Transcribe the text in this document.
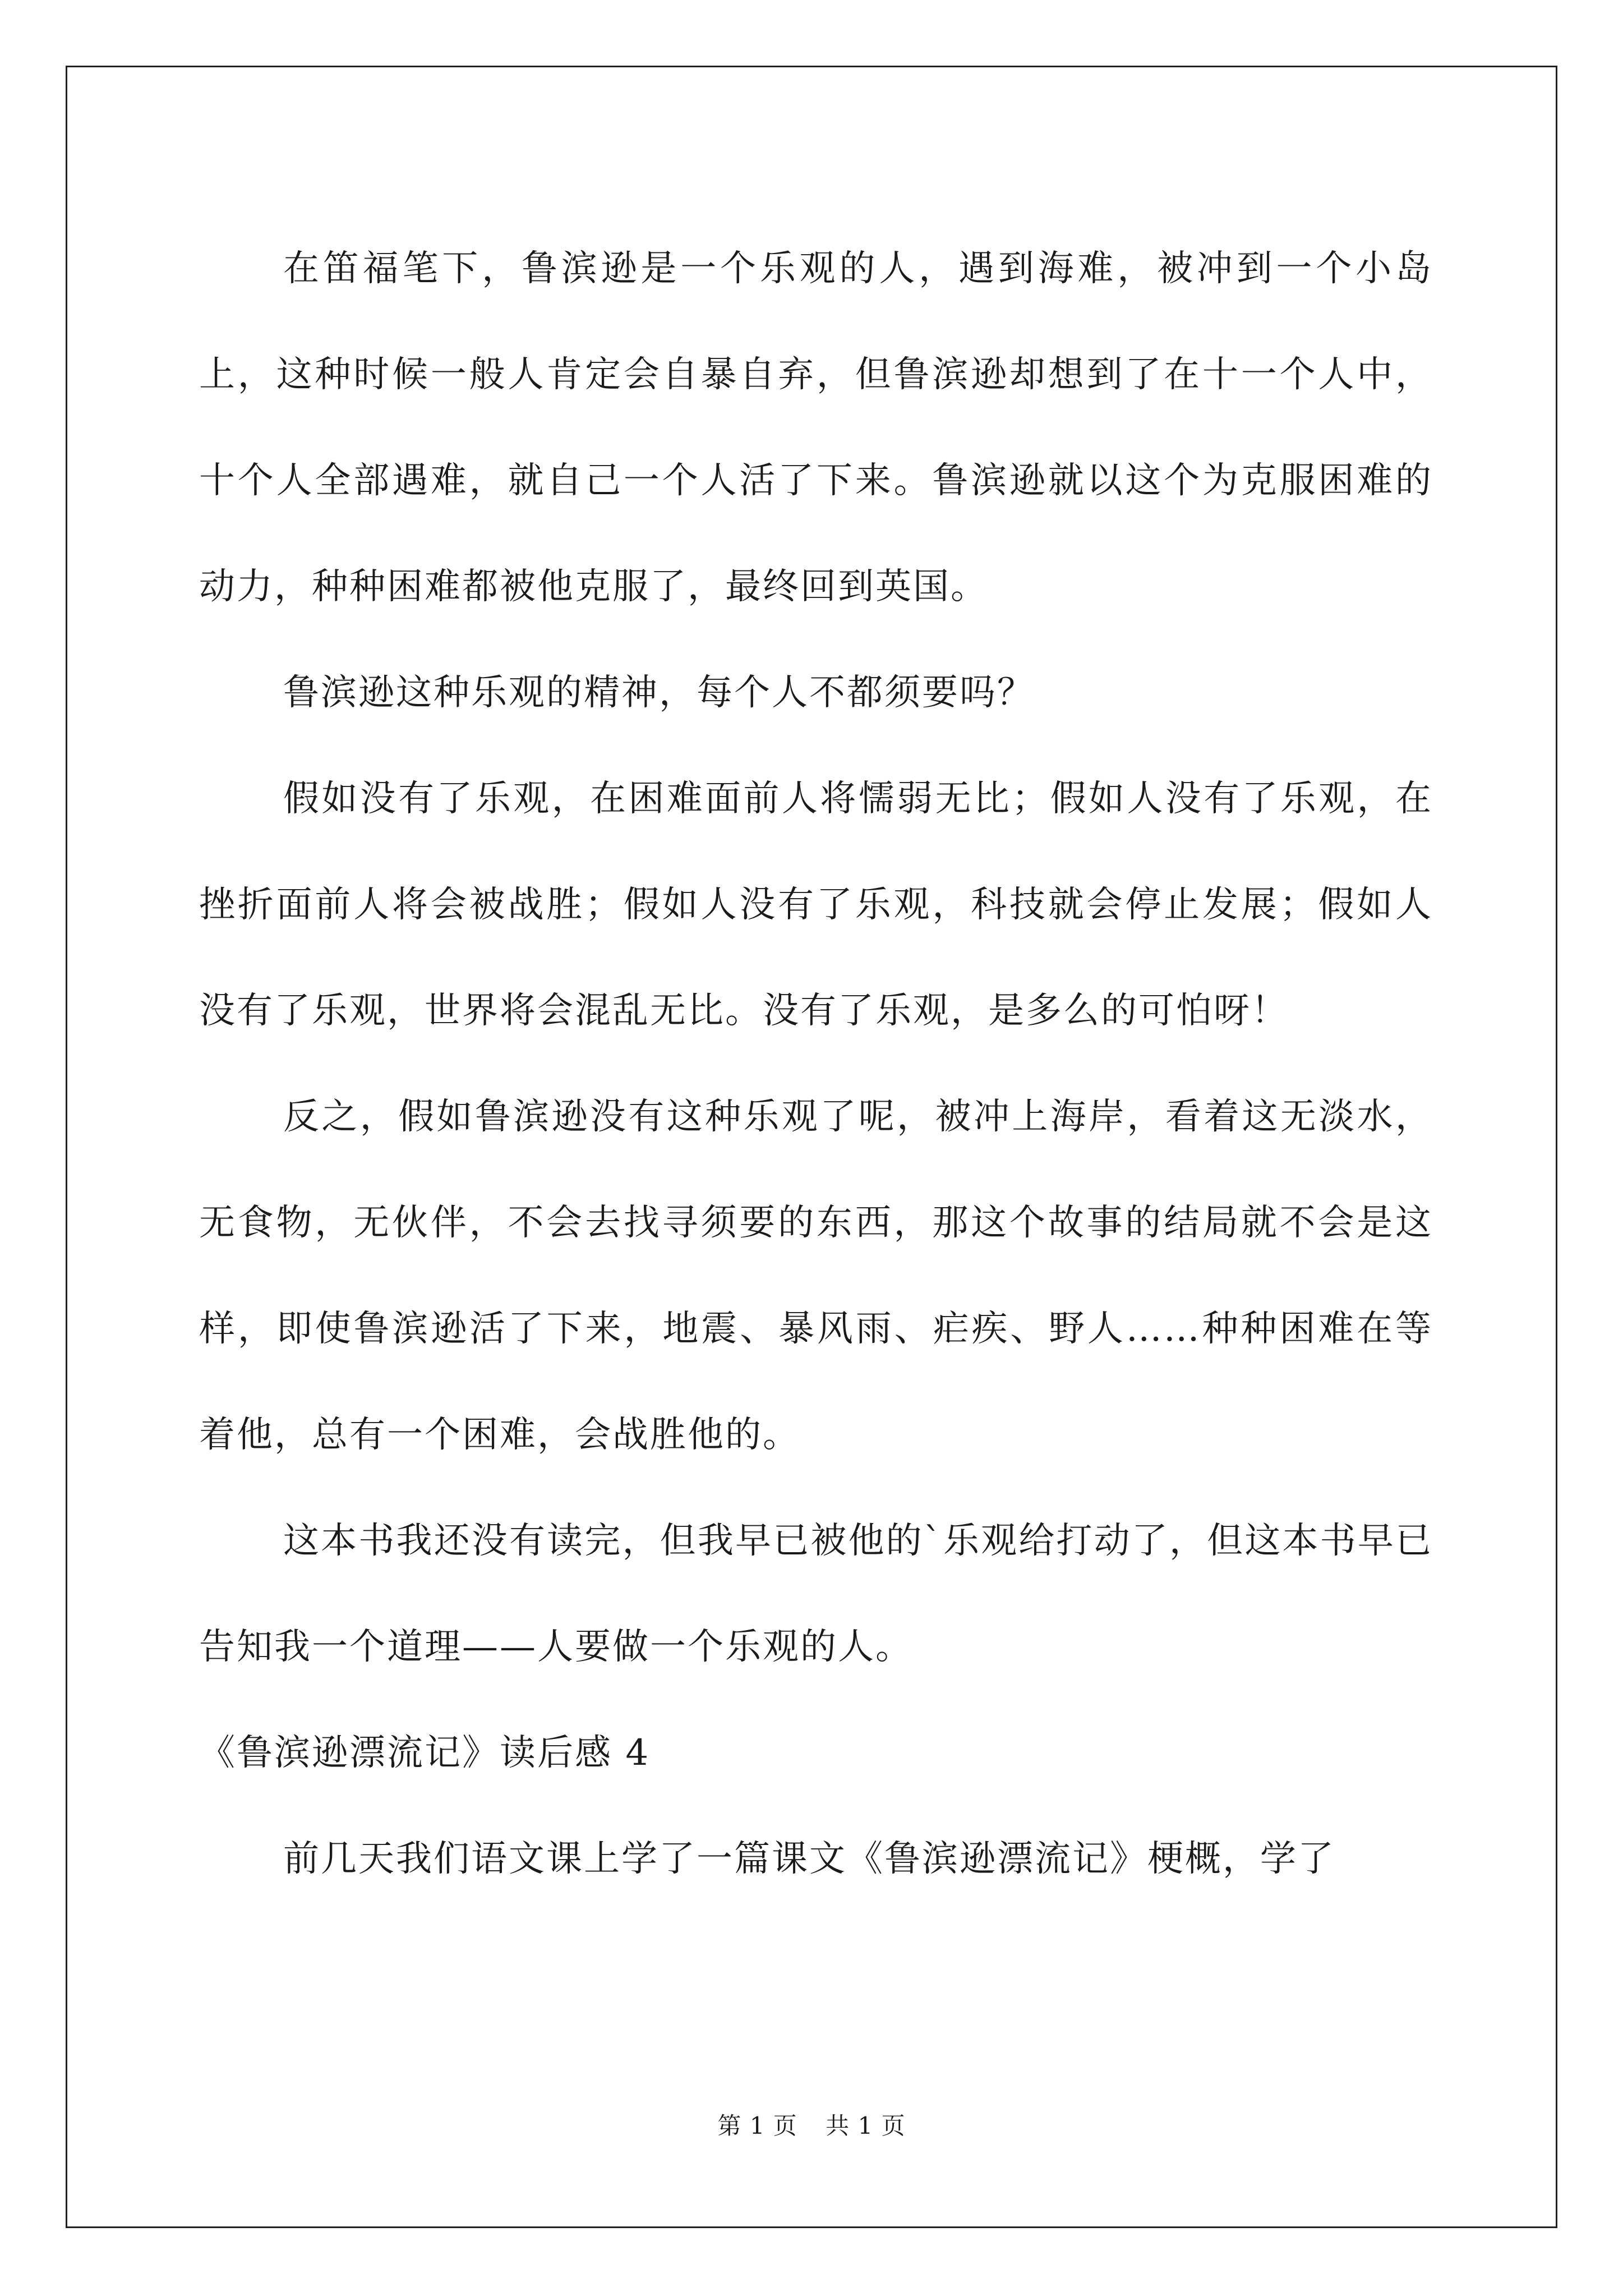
在笛福笔下，鲁滨逊是一个乐观的人，遇到海难，被冲到一个小岛上，这种时候一般人肯定会自暴自弃，但鲁滨逊却想到了在十一个人中，十个人全部遇难，就自己一个人活了下来。鲁滨逊就以这个为克服困难的动力，种种困难都被他克服了，最终回到英国。

鲁滨逊这种乐观的精神，每个人不都须要吗？

假如没有了乐观，在困难面前人将懦弱无比；假如人没有了乐观，在挫折面前人将会被战胜；假如人没有了乐观，科技就会停止发展；假如人没有了乐观，世界将会混乱无比。没有了乐观，是多么的可怕呀！

反之，假如鲁滨逊没有这种乐观了呢，被冲上海岸，看着这无淡水，无食物，无伙伴，不会去找寻须要的东西，那这个故事的结局就不会是这样，即使鲁滨逊活了下来，地震、暴风雨、疟疾、野人……种种困难在等着他，总有一个困难，会战胜他的。

这本书我还没有读完，但我早已被他的`乐观给打动了，但这本书早已告知我一个道理——人要做一个乐观的人。

《鲁滨逊漂流记》读后感 4

前几天我们语文课上学了一篇课文《鲁滨逊漂流记》梗概，学了

第 1 页 共 1 页
